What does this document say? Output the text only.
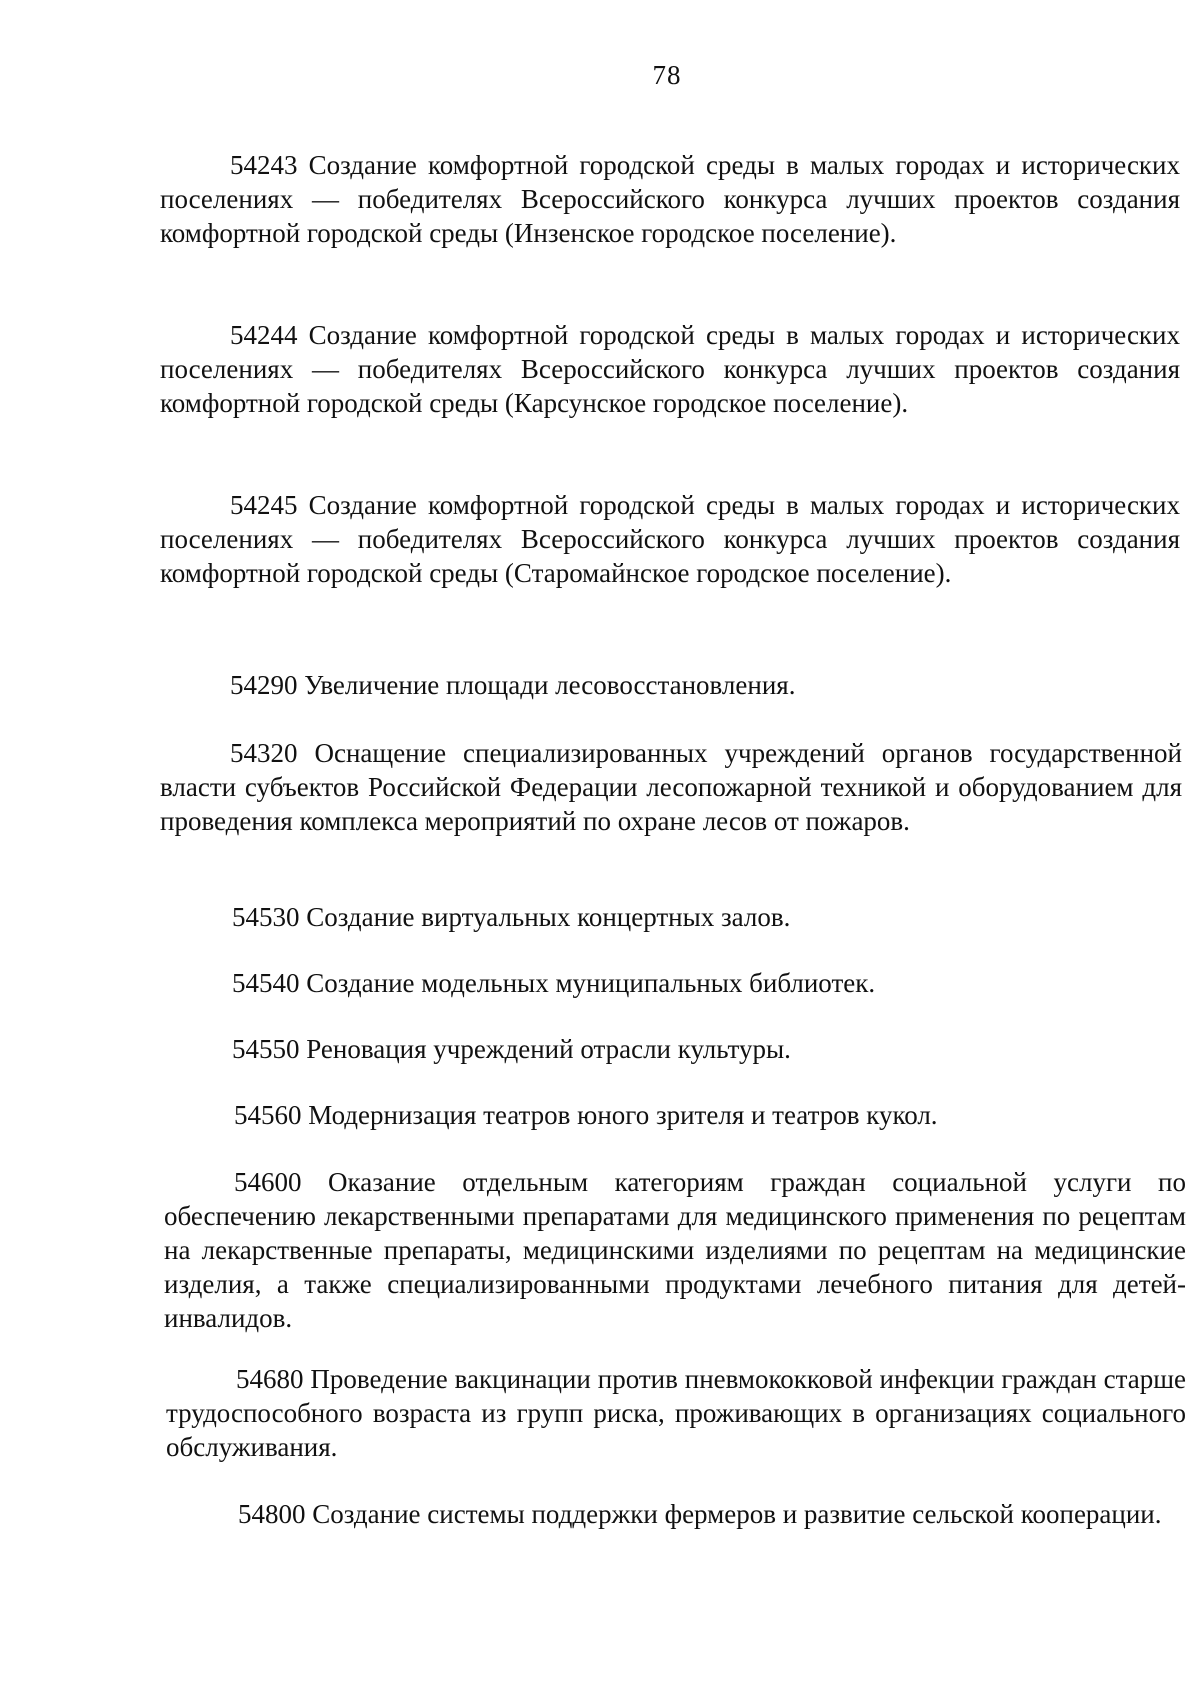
78

54243 Создание комфортной городской среды в малых городах и исторических поселениях — победителях Всероссийского конкурса лучших проектов создания комфортной городской среды (Инзенское городское поселение).

54244 Создание комфортной городской среды в малых городах и исторических поселениях — победителях Всероссийского конкурса лучших проектов создания комфортной городской среды (Карсунское городское поселение).

54245 Создание комфортной городской среды в малых городах и исторических поселениях — победителях Всероссийского конкурса лучших проектов создания комфортной городской среды (Старомайнское городское поселение).

54290 Увеличение площади лесовосстановления.

54320 Оснащение специализированных учреждений органов государственной власти субъектов Российской Федерации лесопожарной техникой и оборудованием для проведения комплекса мероприятий по охране лесов от пожаров.

54530 Создание виртуальных концертных залов.

54540 Создание модельных муниципальных библиотек.

54550 Реновация учреждений отрасли культуры.

54560 Модернизация театров юного зрителя и театров кукол.

54600 Оказание отдельным категориям граждан социальной услуги по обеспечению лекарственными препаратами для медицинского применения по рецептам на лекарственные препараты, медицинскими изделиями по рецептам на медицинские изделия, а также специализированными продуктами лечебного питания для детей-инвалидов.

54680 Проведение вакцинации против пневмококковой инфекции граждан старше трудоспособного возраста из групп риска, проживающих в организациях социального обслуживания.

54800 Создание системы поддержки фермеров и развитие сельской кооперации.
